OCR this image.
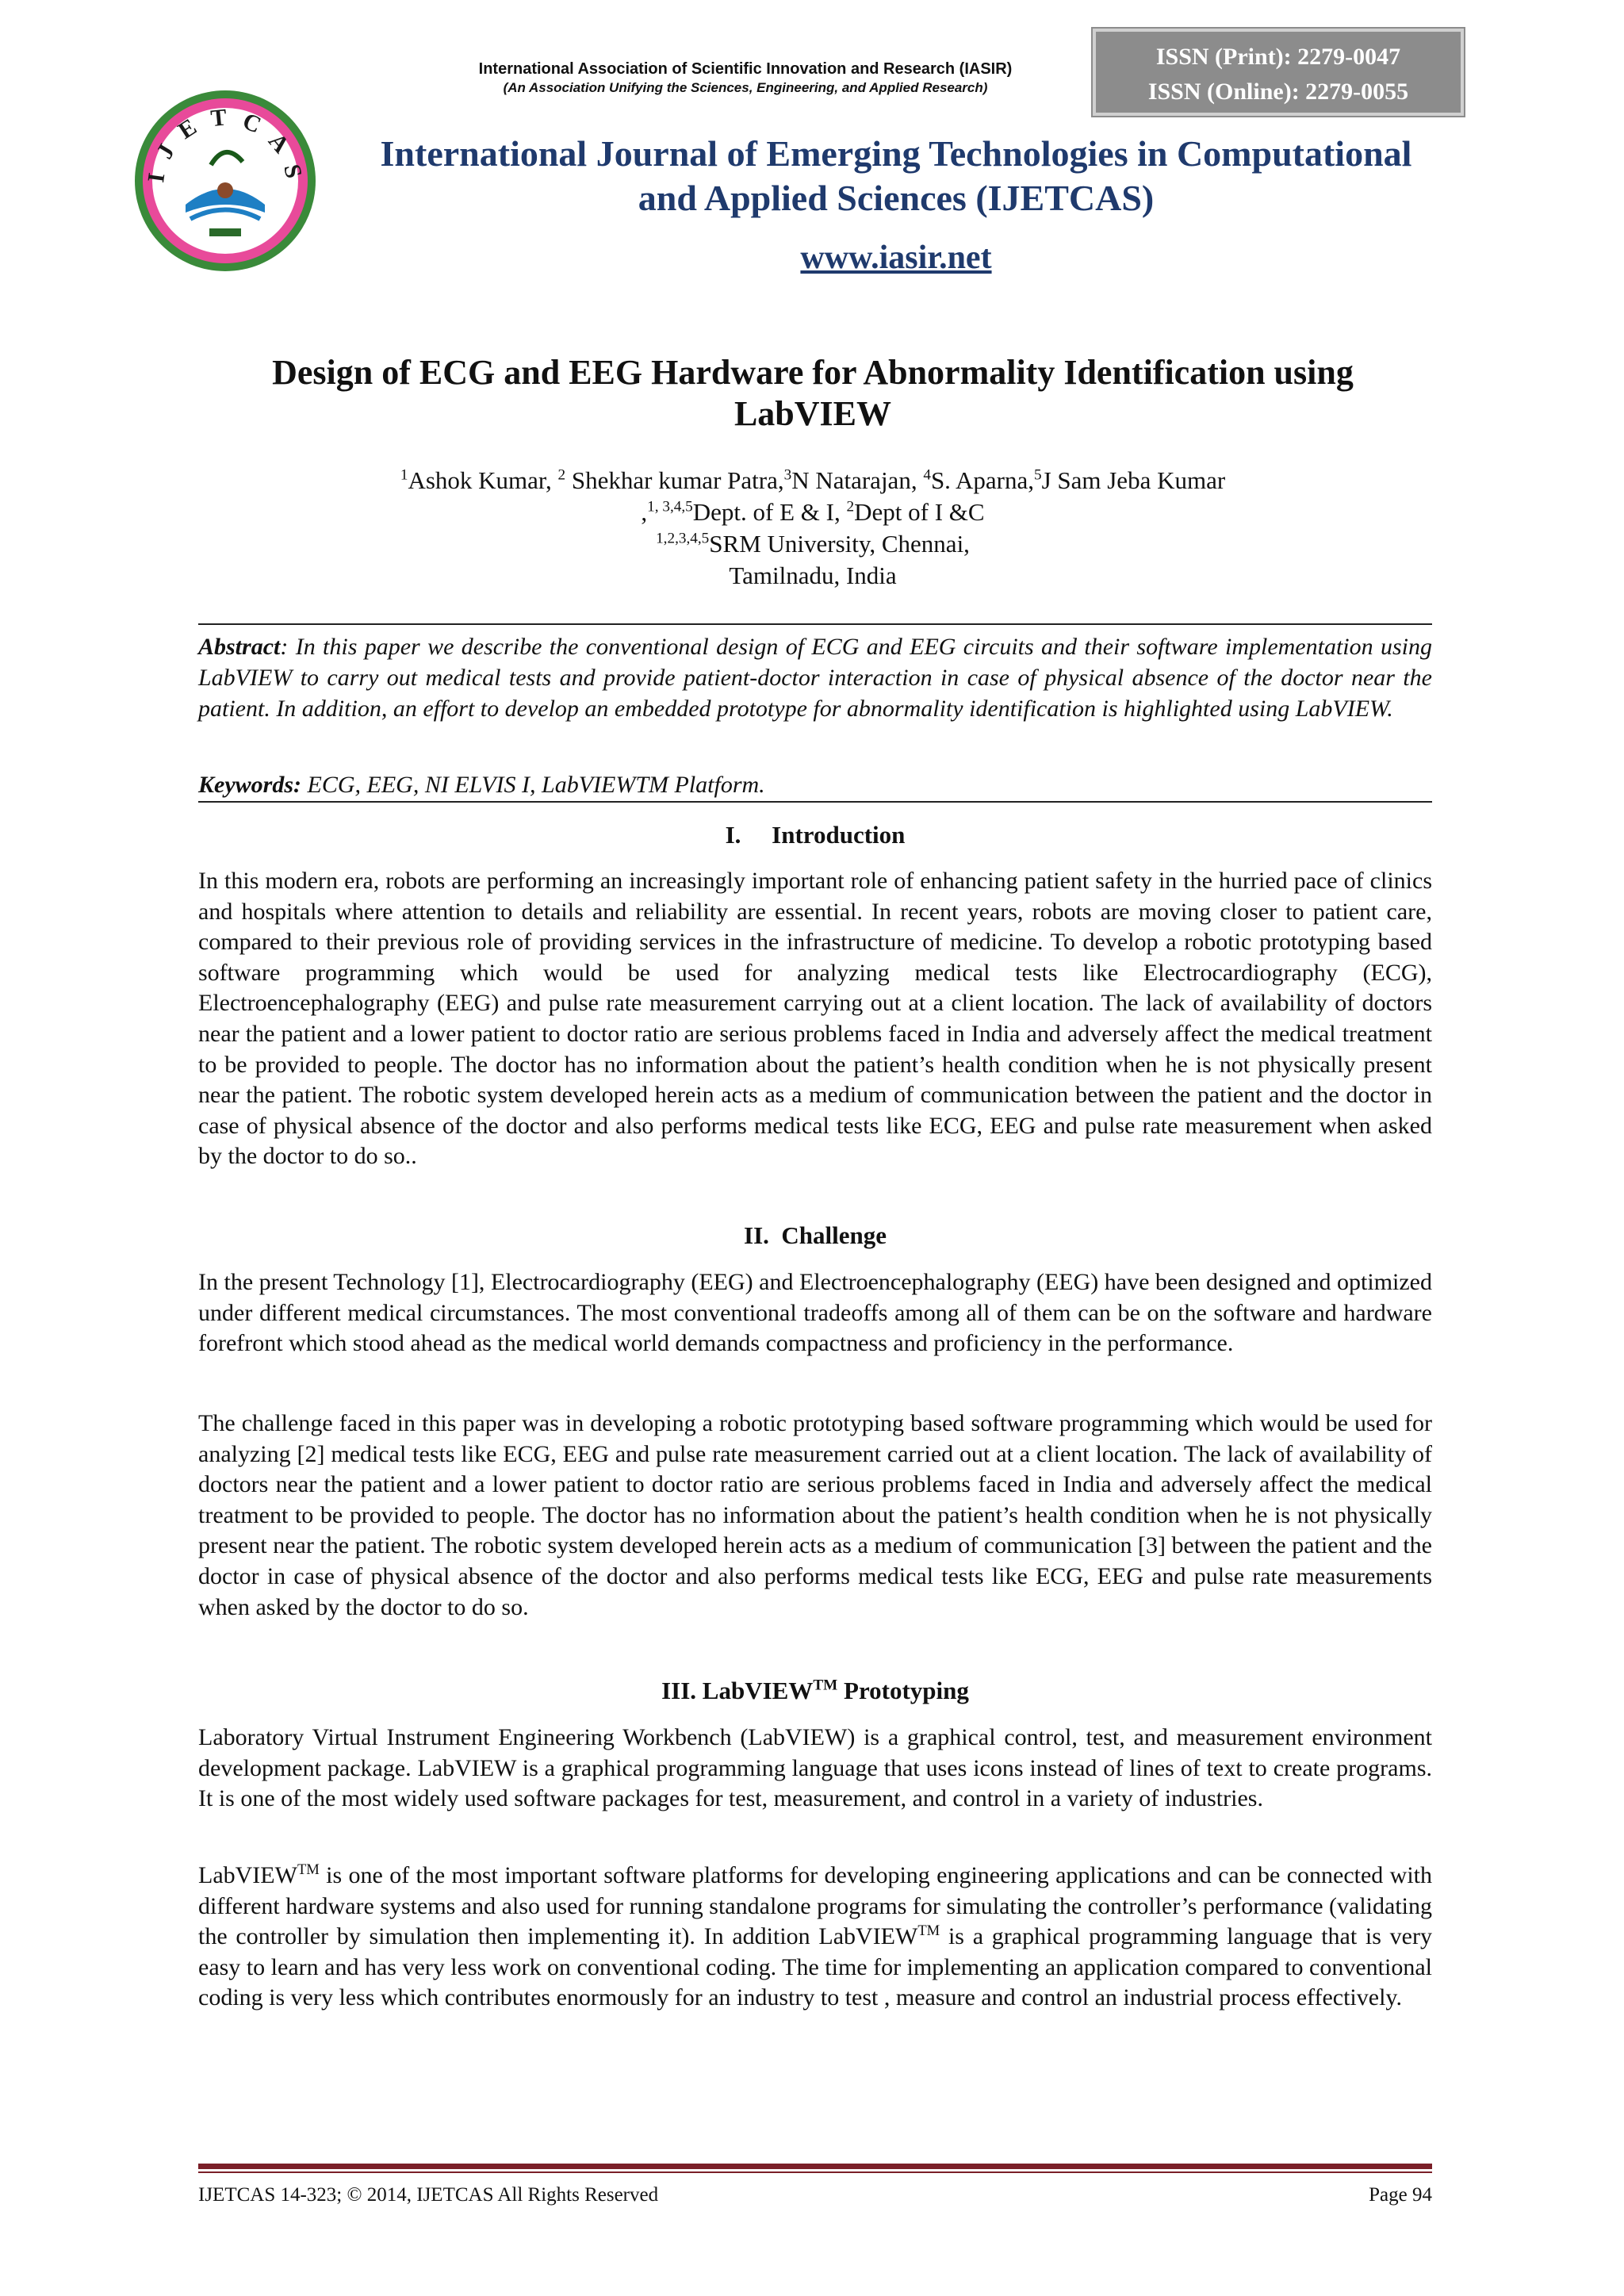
International Association of Scientific Innovation and Research (IASIR)
(An Association Unifying the Sciences, Engineering, and Applied Research)
ISSN (Print): 2279-0047
ISSN (Online): 2279-0055
I J E T C A S	International Journal of Emerging Technologies in Computational
and Applied Sciences (IJETCAS)
www.iasir.net
Design of ECG and EEG Hardware for Abnormality Identification using
LabVIEW
$^1$Ashok Kumar, $^2$ Shekhar kumar Patra,$^3$N Natarajan, $^4$S. Aparna,$^5$J Sam Jeba Kumar
,$^{1, 3,4,5}$Dept. of E & I, $^2$Dept of I &C
$^{1,2,3,4,5}$SRM University, Chennai,
Tamilnadu, India
Abstract: In this paper we describe the conventional design of ECG and EEG circuits and their software implementation using LabVIEW to carry out medical tests and provide patient-doctor interaction in case of physical absence of the doctor near the patient. In addition, an effort to develop an embedded prototype for abnormality identification is highlighted using LabVIEW.
Keywords: ECG, EEG, NI ELVIS I, LabVIEWTM Platform.
I.     Introduction
In this modern era, robots are performing an increasingly important role of enhancing patient safety in the hurried pace of clinics and hospitals where attention to details and reliability are essential. In recent years, robots are moving closer to patient care, compared to their previous role of providing services in the infrastructure of medicine. To develop a robotic prototyping based software programming which would be used for analyzing medical tests like Electrocardiography (ECG), Electroencephalography (EEG) and pulse rate measurement carrying out at a client location. The lack of availability of doctors near the patient and a lower patient to doctor ratio are serious problems faced in India and adversely affect the medical treatment to be provided to people. The doctor has no information about the patient’s health condition when he is not physically present near the patient. The robotic system developed herein acts as a medium of communication between the patient and the doctor in case of physical absence of the doctor and also performs medical tests like ECG, EEG and pulse rate measurement when asked by the doctor to do so..
II.  Challenge
In the present Technology [1], Electrocardiography (EEG) and Electroencephalography (EEG) have been designed and optimized under different medical circumstances. The most conventional tradeoffs among all of them can be on the software and hardware forefront which stood ahead as the medical world demands compactness and proficiency in the performance.
The challenge faced in this paper was in developing a robotic prototyping based software programming which would be used for analyzing [2] medical tests like ECG, EEG and pulse rate measurement carried out at a client location. The lack of availability of doctors near the patient and a lower patient to doctor ratio are serious problems faced in India and adversely affect the medical treatment to be provided to people. The doctor has no information about the patient’s health condition when he is not physically present near the patient. The robotic system developed herein acts as a medium of communication [3] between the patient and the doctor in case of physical absence of the doctor and also performs medical tests like ECG, EEG and pulse rate measurements when asked by the doctor to do so.
III. LabVIEW™ Prototyping
Laboratory Virtual Instrument Engineering Workbench (LabVIEW) is a graphical control, test, and measurement environment development package. LabVIEW is a graphical programming language that uses icons instead of lines of text to create programs. It is one of the most widely used software packages for test, measurement, and control in a variety of industries.
LabVIEW™ is one of the most important software platforms for developing engineering applications and can be connected with different hardware systems and also used for running standalone programs for simulating the controller’s performance (validating the controller by simulation then implementing it). In addition LabVIEW™ is a graphical programming language that is very easy to learn and has very less work on conventional coding. The time for implementing an application compared to conventional coding is very less which contributes enormously for an industry to test , measure and control an industrial process effectively.
IJETCAS 14-323; © 2014, IJETCAS All Rights Reserved	Page 94
